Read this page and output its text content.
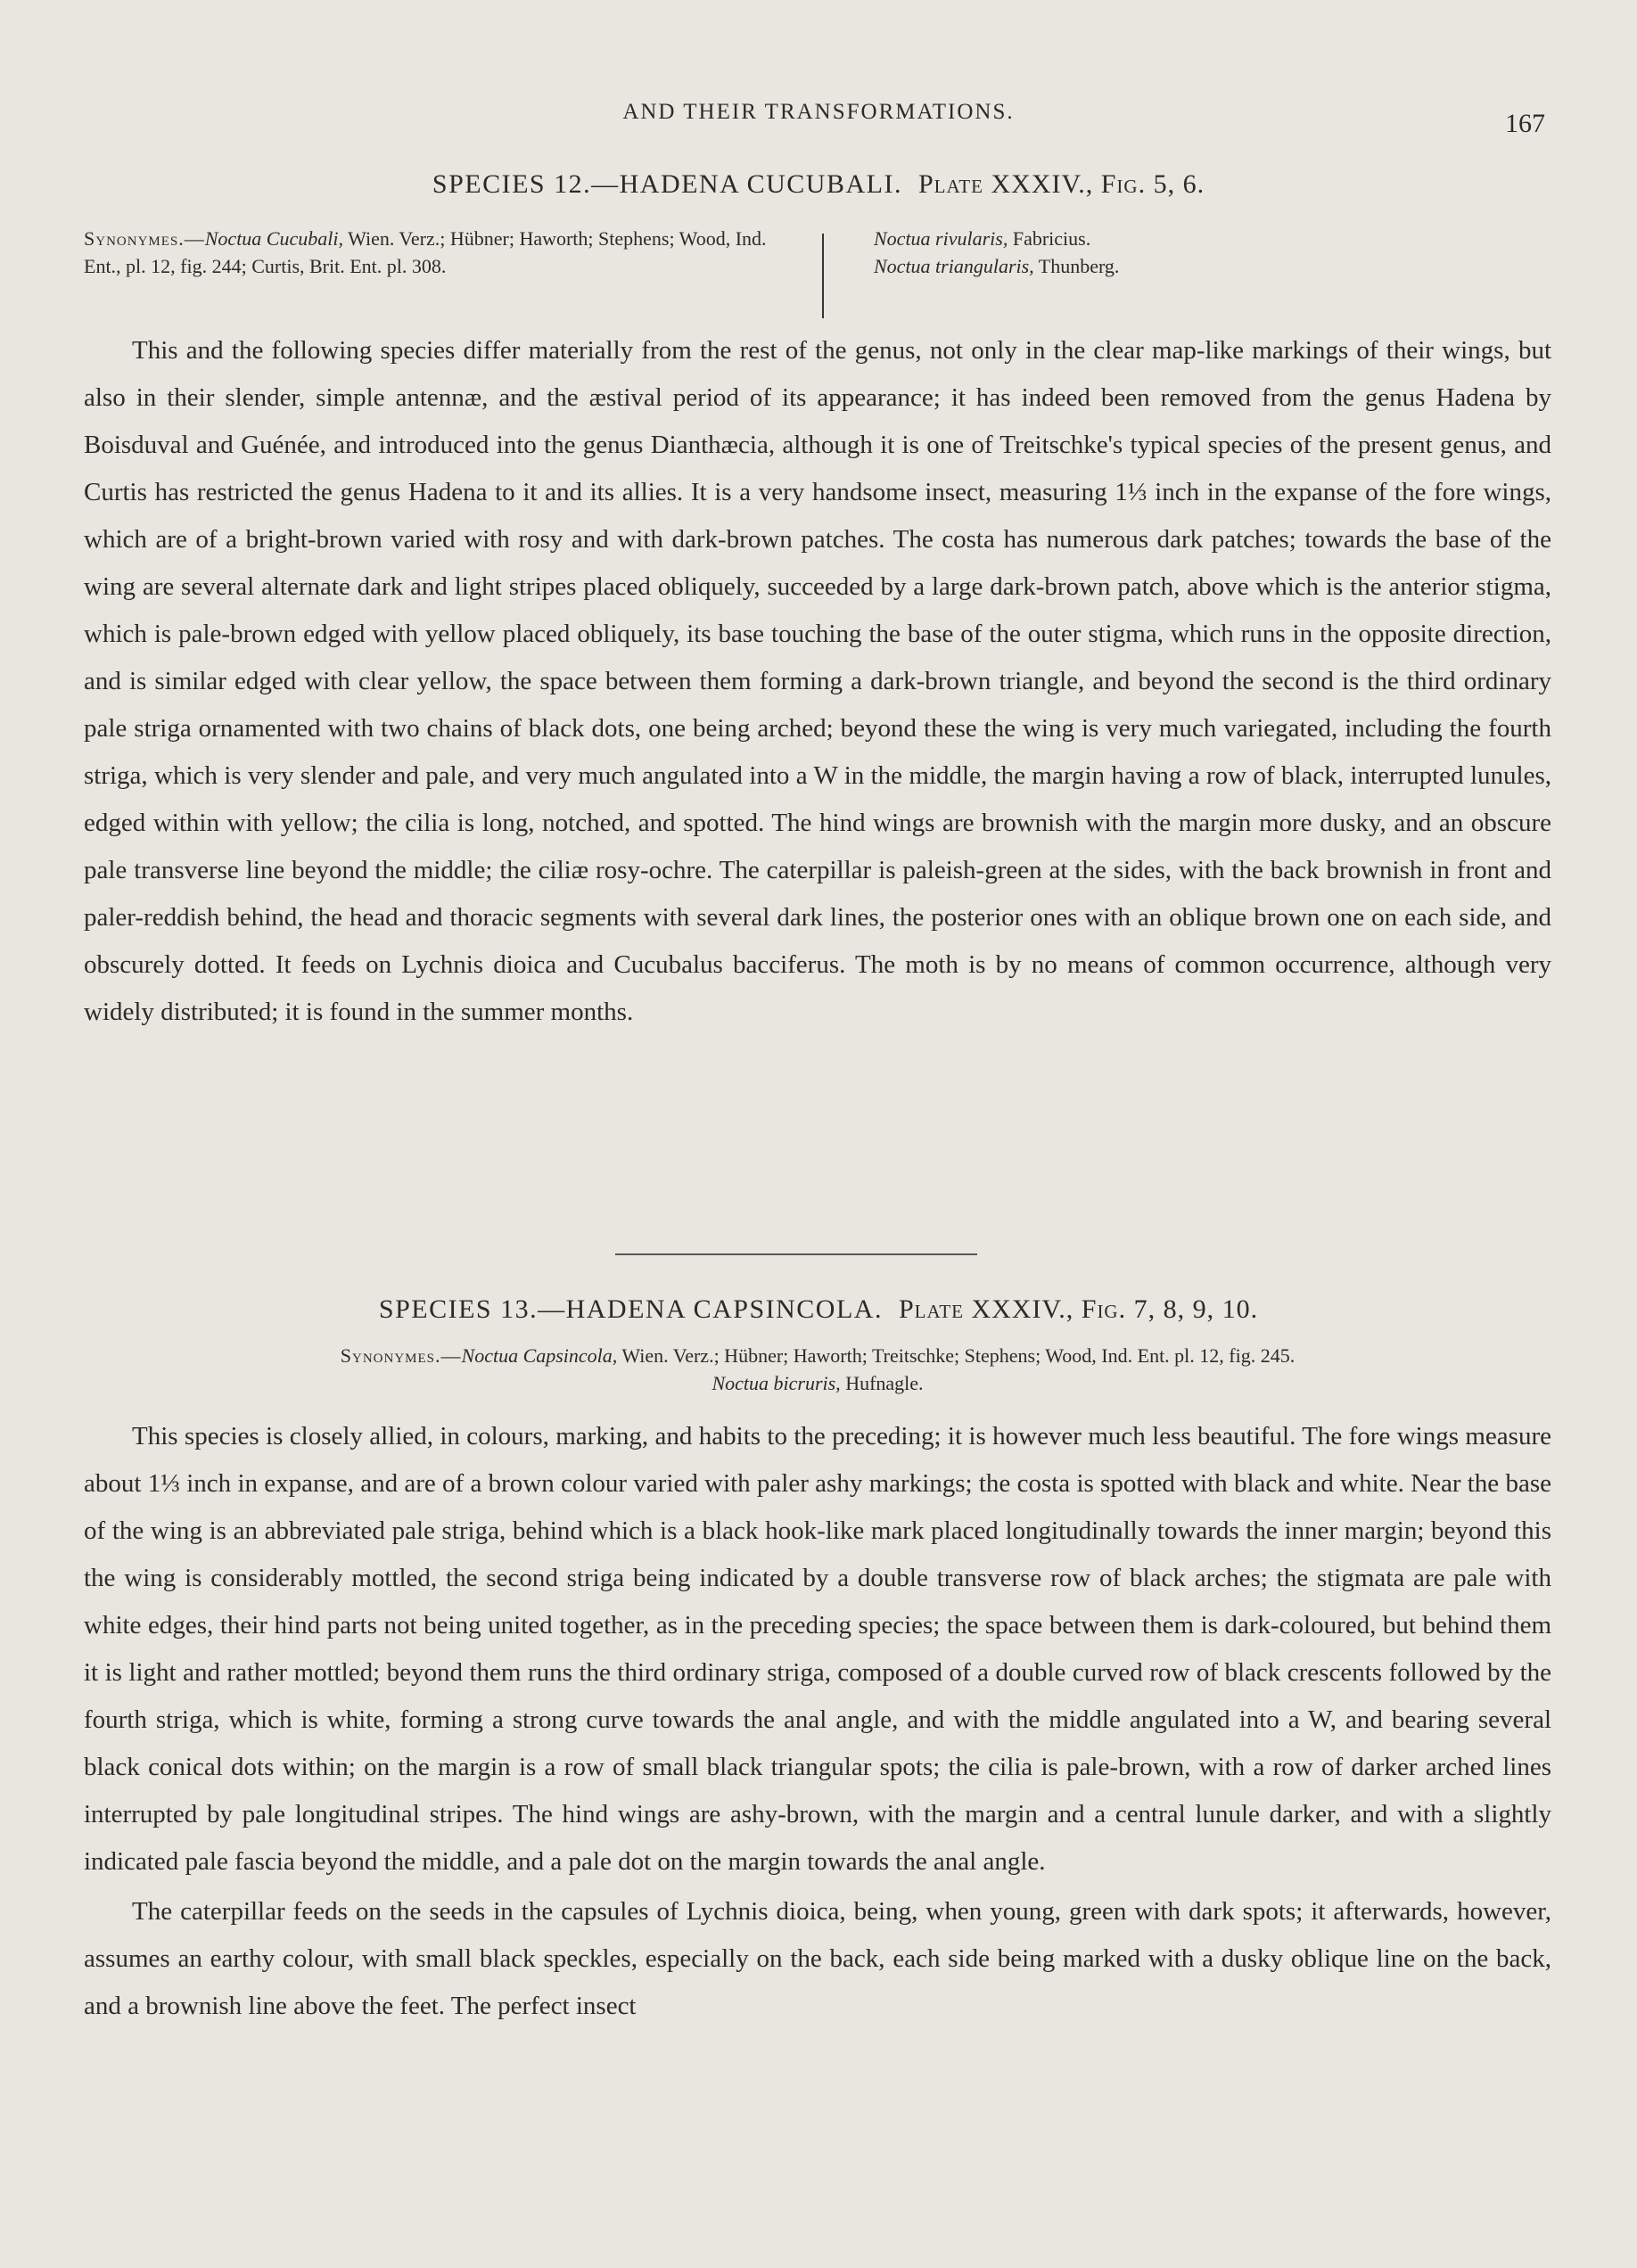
AND THEIR TRANSFORMATIONS.	167
SPECIES 12.—HADENA CUCUBALI. Plate XXXIV., Fig. 5, 6.
Synonymes.—Noctua Cucubali, Wien. Verz.; Hübner; Haworth; Stephens; Wood, Ind. Ent., pl. 12, fig. 244; Curtis, Brit. Ent. pl. 308.
Noctua rivularis, Fabricius.
Noctua triangularis, Thunberg.

This and the following species differ materially from the rest of the genus, not only in the clear map-like markings of their wings, but also in their slender, simple antennæ, and the æstival period of its appearance; it has indeed been removed from the genus Hadena by Boisduval and Guénée, and introduced into the genus Dianthæcia, although it is one of Treitschke's typical species of the present genus, and Curtis has restricted the genus Hadena to it and its allies. It is a very handsome insect, measuring 1⅓ inch in the expanse of the fore wings, which are of a bright-brown varied with rosy and with dark-brown patches. The costa has numerous dark patches; towards the base of the wing are several alternate dark and light stripes placed obliquely, succeeded by a large dark-brown patch, above which is the anterior stigma, which is pale-brown edged with yellow placed obliquely, its base touching the base of the outer stigma, which runs in the opposite direction, and is similar edged with clear yellow, the space between them forming a dark-brown triangle, and beyond the second is the third ordinary pale striga ornamented with two chains of black dots, one being arched; beyond these the wing is very much variegated, including the fourth striga, which is very slender and pale, and very much angulated into a W in the middle, the margin having a row of black, interrupted lunules, edged within with yellow; the cilia is long, notched, and spotted. The hind wings are brownish with the margin more dusky, and an obscure pale transverse line beyond the middle; the ciliæ rosy-ochre. The caterpillar is paleish-green at the sides, with the back brownish in front and paler-reddish behind, the head and thoracic segments with several dark lines, the posterior ones with an oblique brown one on each side, and obscurely dotted. It feeds on Lychnis dioica and Cucubalus bacciferus. The moth is by no means of common occurrence, although very widely distributed; it is found in the summer months.

SPECIES 13.—HADENA CAPSINCOLA. Plate XXXIV., Fig. 7, 8, 9, 10.
Synonymes.—Noctua Capsincola, Wien. Verz.; Hübner; Haworth; Treitschke; Stephens; Wood, Ind. Ent. pl. 12, fig. 245.
Noctua bicruris, Hufnagle.

This species is closely allied, in colours, marking, and habits to the preceding; it is however much less beautiful. The fore wings measure about 1⅓ inch in expanse, and are of a brown colour varied with paler ashy markings; the costa is spotted with black and white. Near the base of the wing is an abbreviated pale striga, behind which is a black hook-like mark placed longitudinally towards the inner margin; beyond this the wing is considerably mottled, the second striga being indicated by a double transverse row of black arches; the stigmata are pale with white edges, their hind parts not being united together, as in the preceding species; the space between them is dark-coloured, but behind them it is light and rather mottled; beyond them runs the third ordinary striga, composed of a double curved row of black crescents followed by the fourth striga, which is white, forming a strong curve towards the anal angle, and with the middle angulated into a W, and bearing several black conical dots within; on the margin is a row of small black triangular spots; the cilia is pale-brown, with a row of darker arched lines interrupted by pale longitudinal stripes. The hind wings are ashy-brown, with the margin and a central lunule darker, and with a slightly indicated pale fascia beyond the middle, and a pale dot on the margin towards the anal angle.

The caterpillar feeds on the seeds in the capsules of Lychnis dioica, being, when young, green with dark spots; it afterwards, however, assumes an earthy colour, with small black speckles, especially on the back, each side being marked with a dusky oblique line on the back, and a brownish line above the feet. The perfect insect
